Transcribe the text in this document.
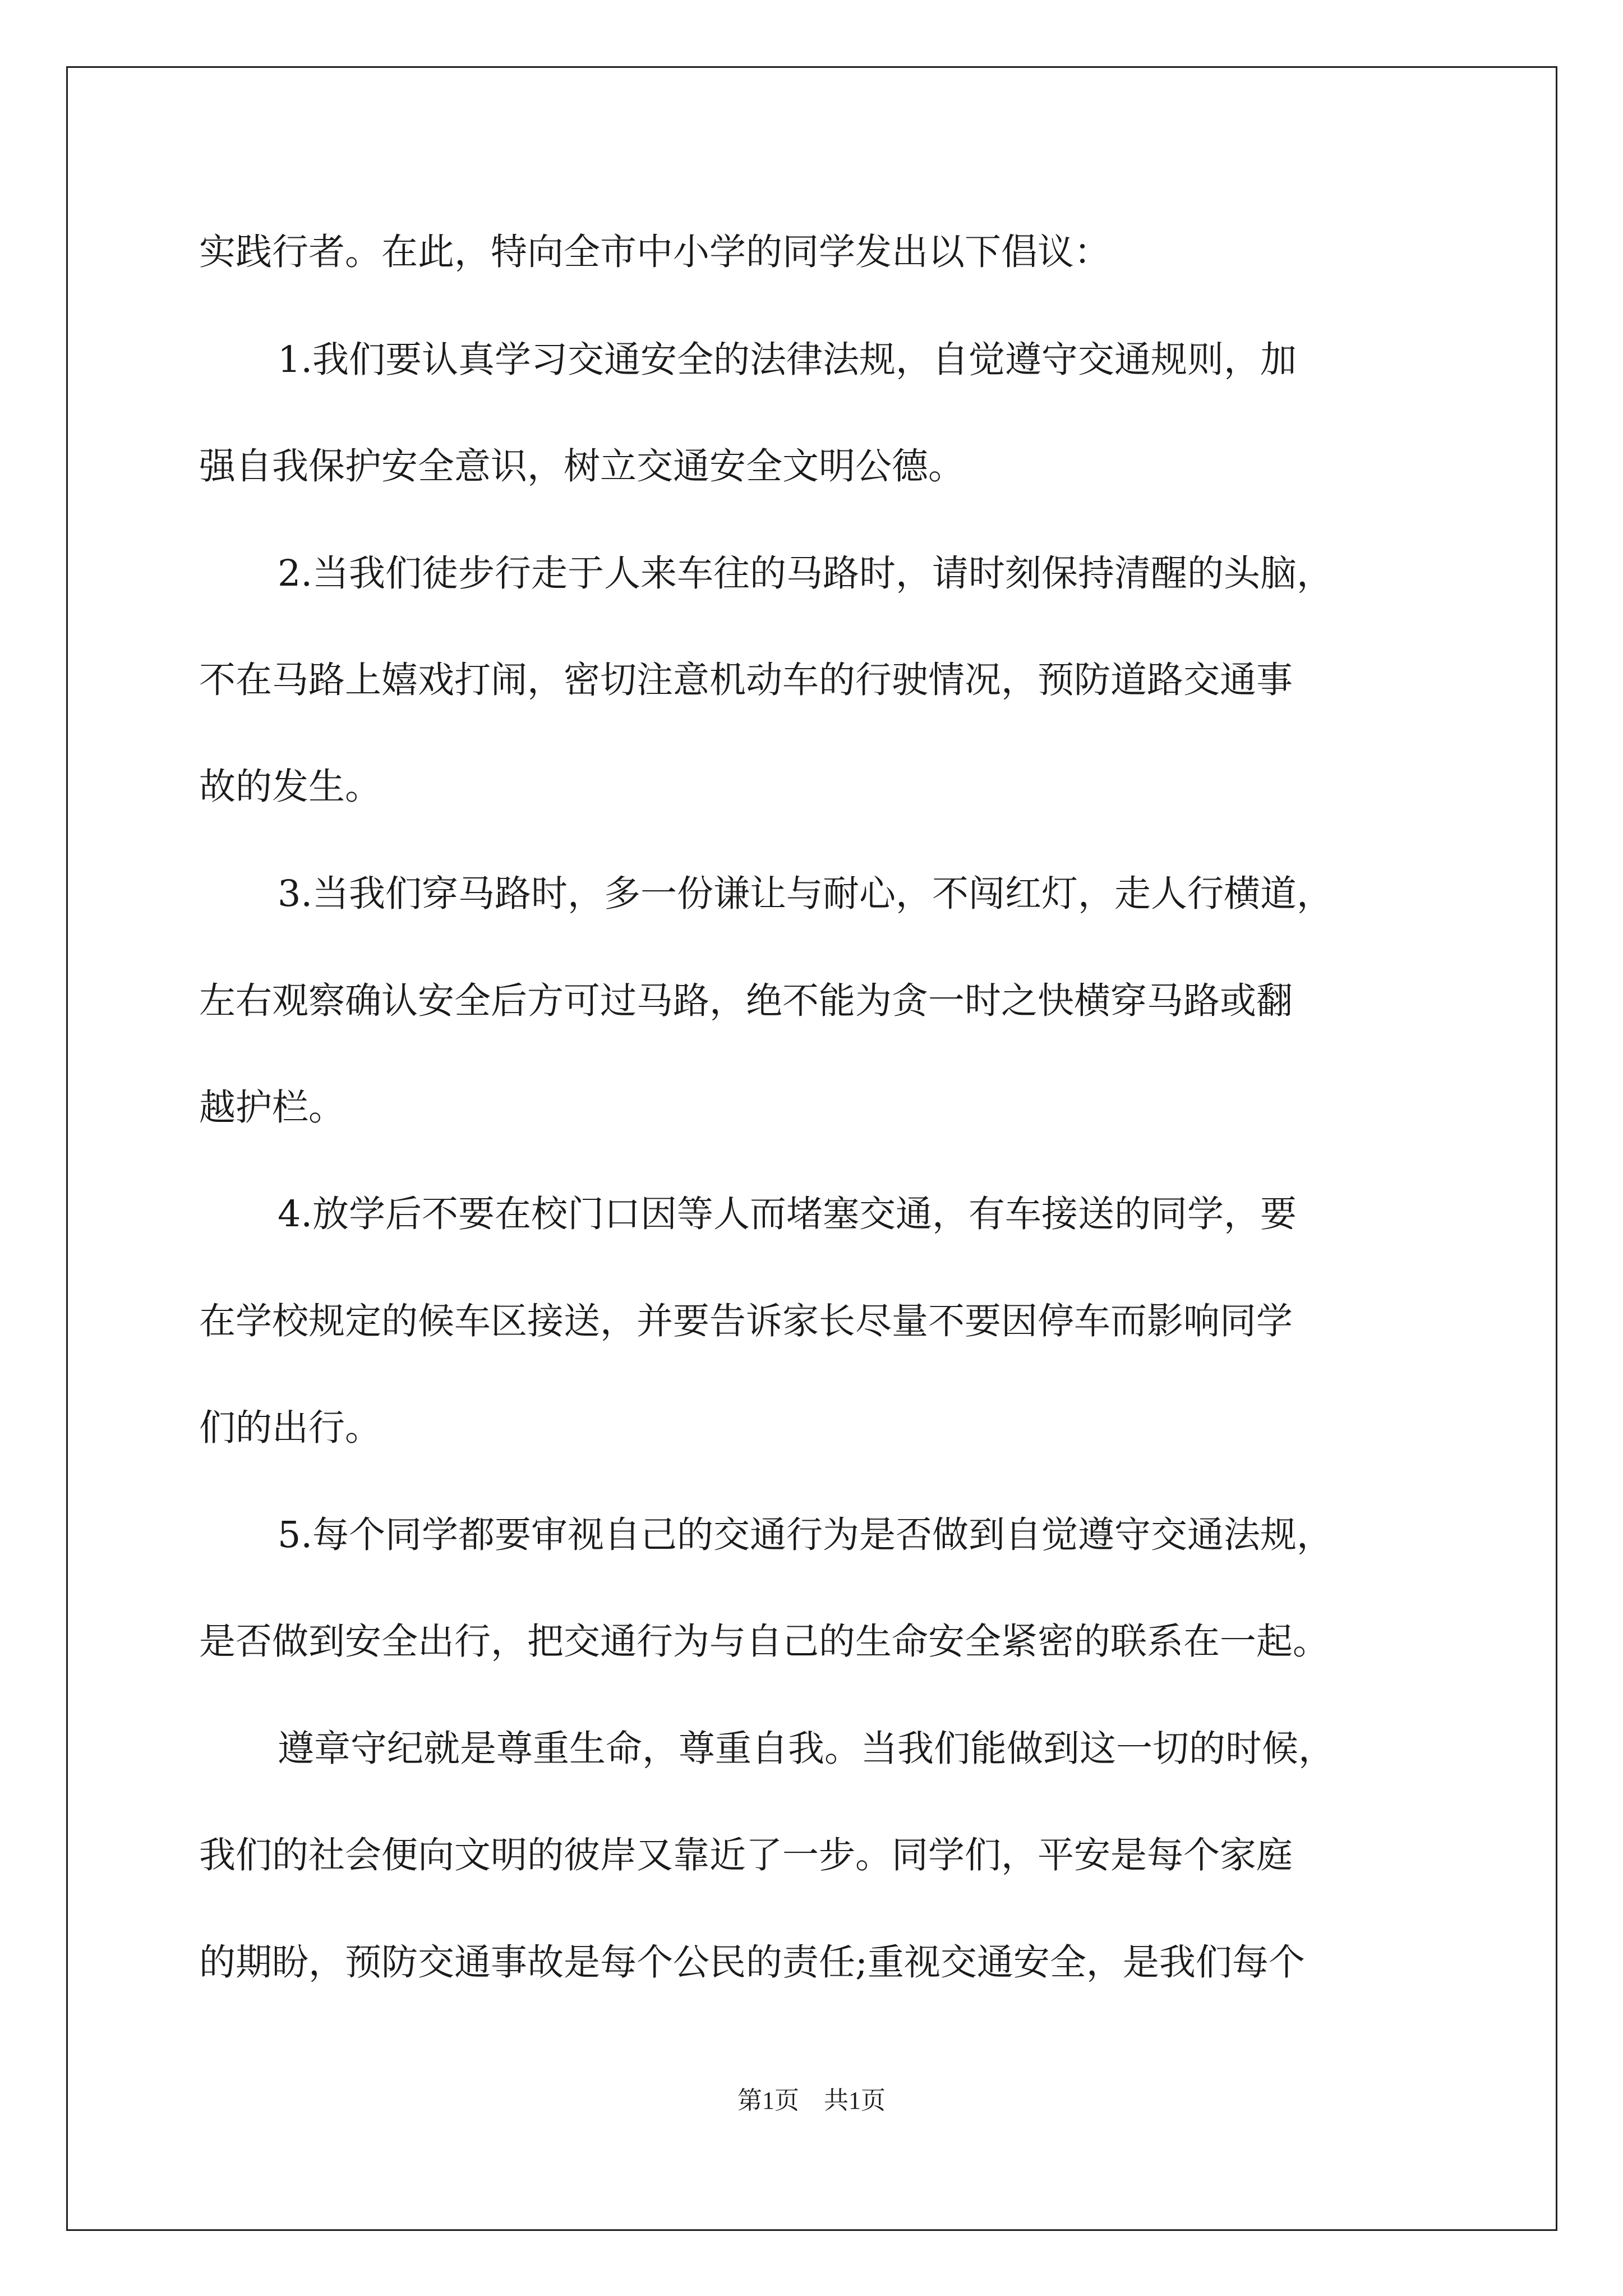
实践行者。在此，特向全市中小学的同学发出以下倡议：

1.我们要认真学习交通安全的法律法规，自觉遵守交通规则，加

强自我保护安全意识，树立交通安全文明公德。

2.当我们徒步行走于人来车往的马路时，请时刻保持清醒的头脑，

不在马路上嬉戏打闹，密切注意机动车的行驶情况，预防道路交通事

故的发生。

3.当我们穿马路时，多一份谦让与耐心，不闯红灯，走人行横道，

左右观察确认安全后方可过马路，绝不能为贪一时之快横穿马路或翻

越护栏。

4.放学后不要在校门口因等人而堵塞交通，有车接送的同学，要

在学校规定的候车区接送，并要告诉家长尽量不要因停车而影响同学

们的出行。

5.每个同学都要审视自己的交通行为是否做到自觉遵守交通法规，

是否做到安全出行，把交通行为与自己的生命安全紧密的联系在一起。

遵章守纪就是尊重生命，尊重自我。当我们能做到这一切的时候，

我们的社会便向文明的彼岸又靠近了一步。同学们，平安是每个家庭

的期盼，预防交通事故是每个公民的责任;重视交通安全，是我们每个

第1页　共1页
